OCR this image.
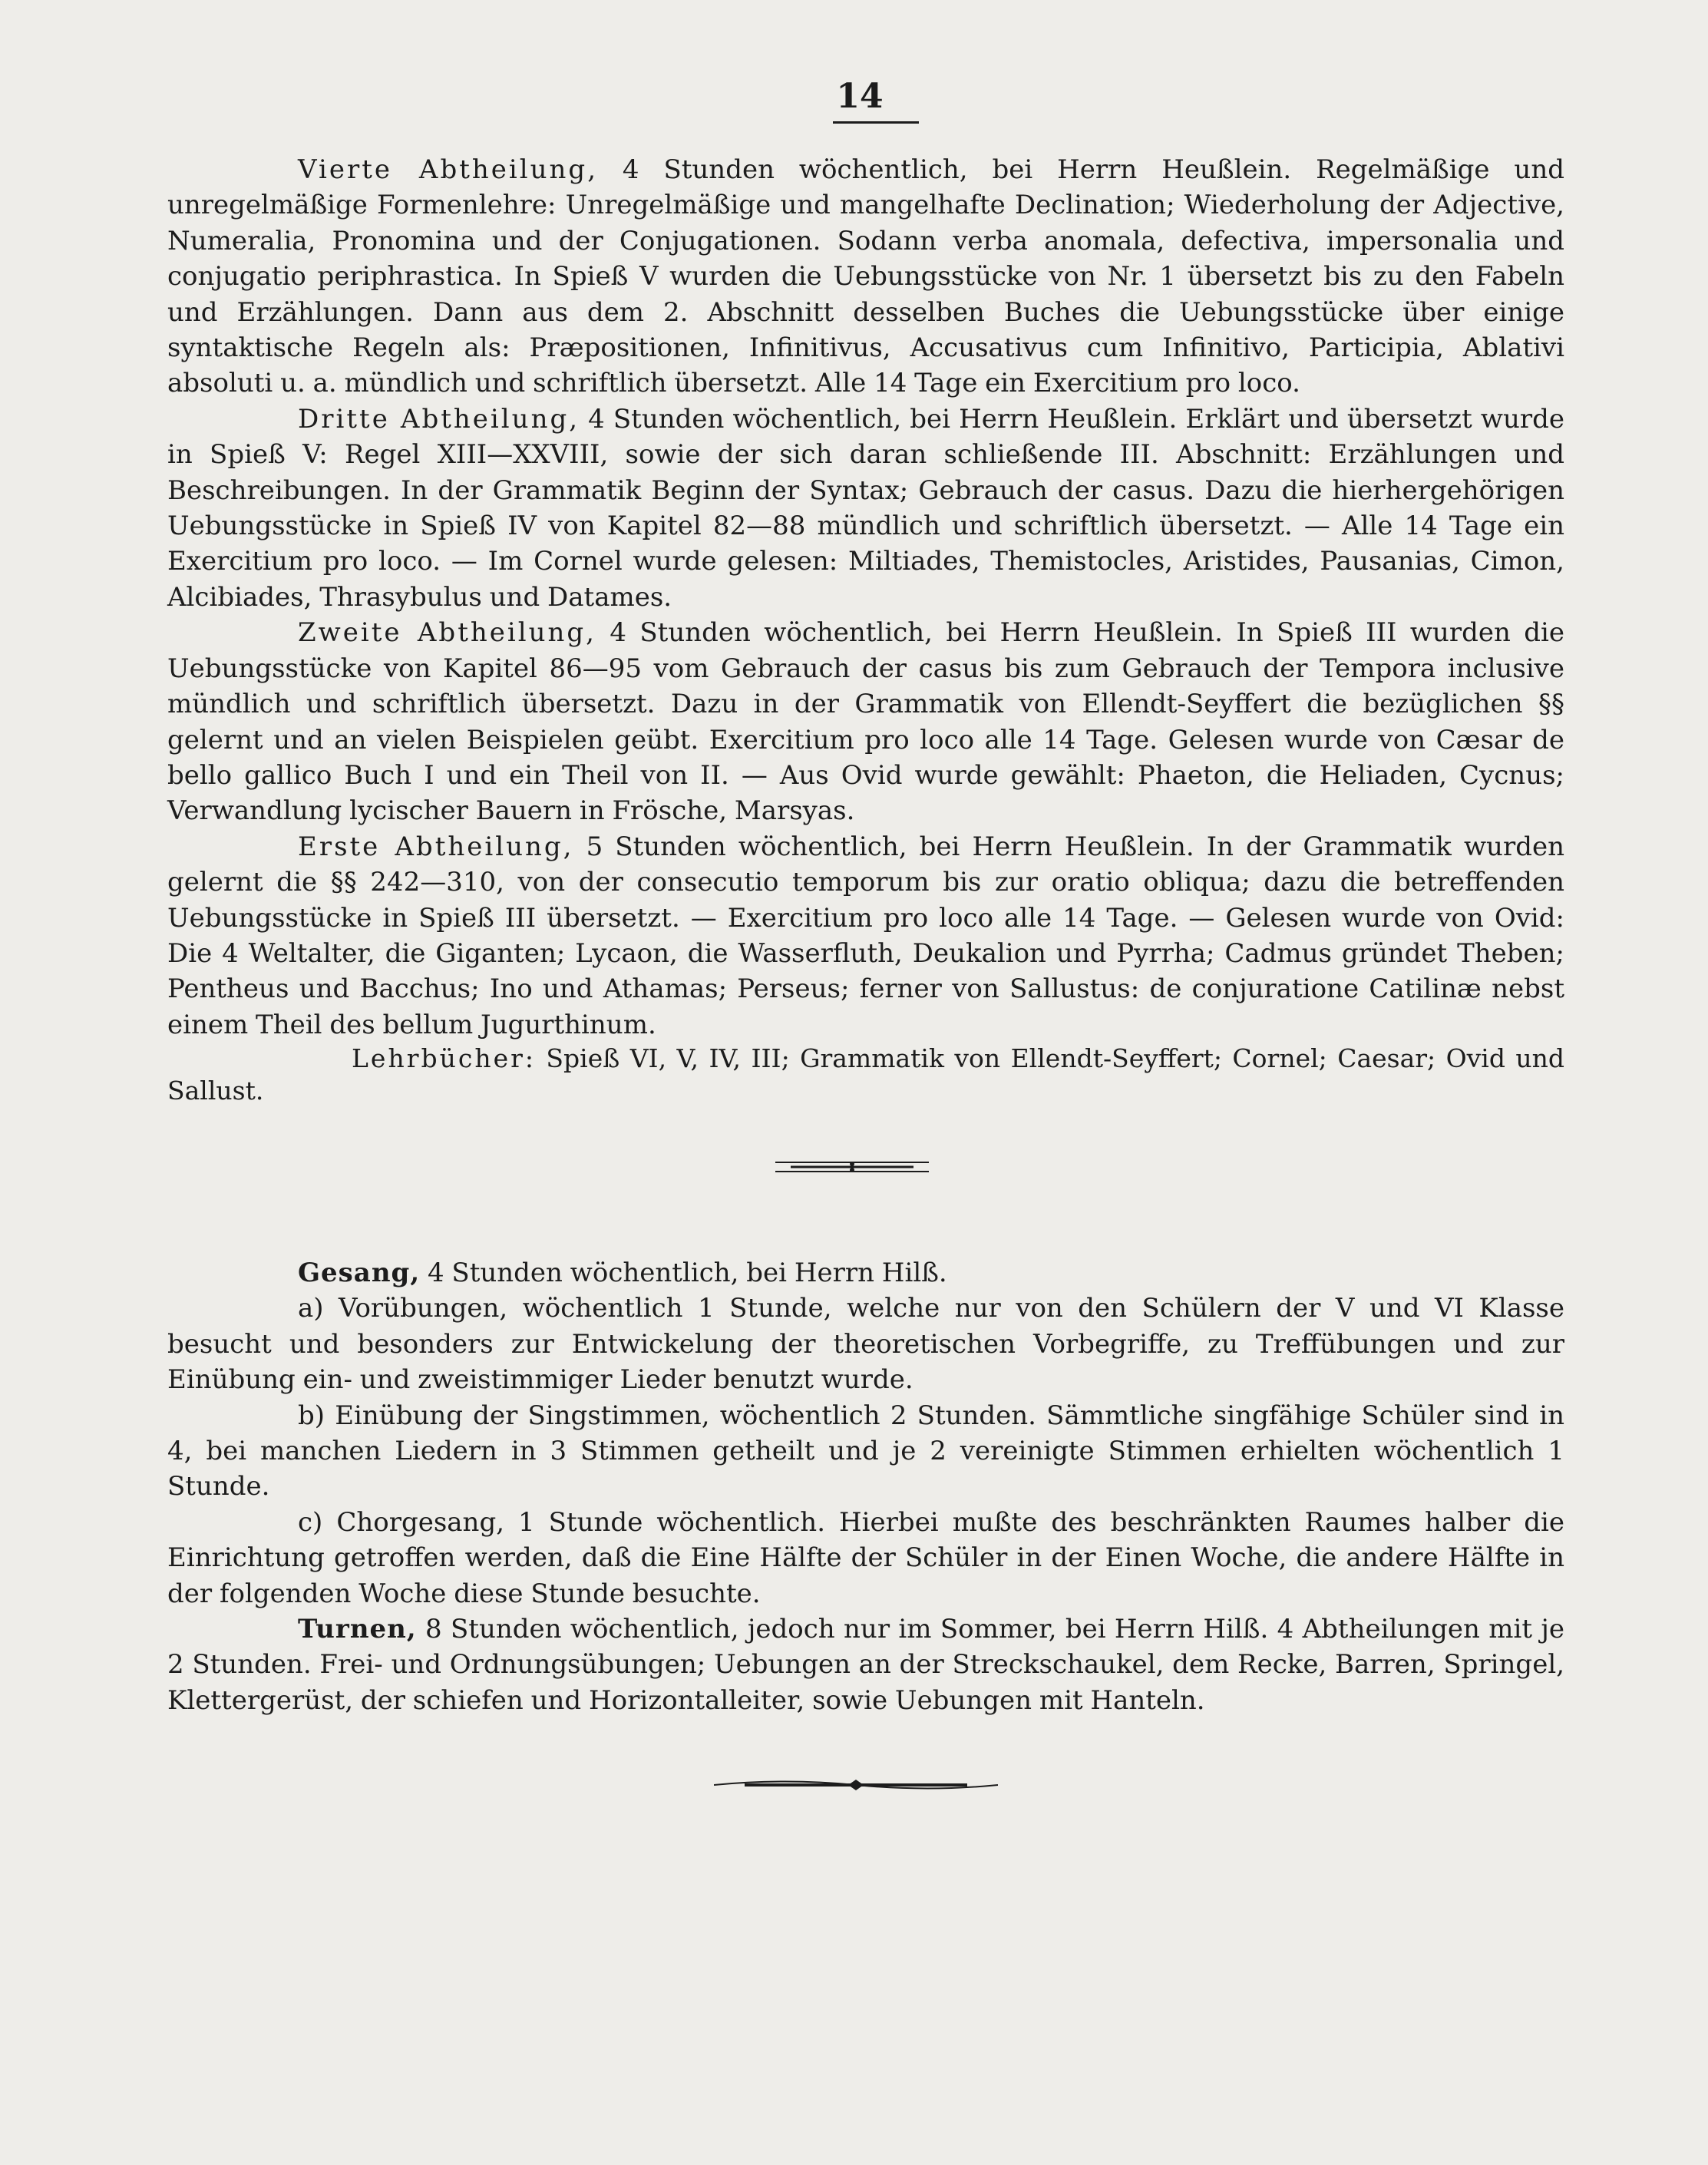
14

Vierte Abtheilung, 4 Stunden wöchentlich, bei Herrn Heußlein. Regelmäßige und unregelmäßige Formenlehre: Unregelmäßige und mangelhafte Declination; Wiederholung der Adjective, Numeralia, Pronomina und der Conjugationen. Sodann verba anomala, defectiva, impersonalia und conjugatio periphrastica. In Spieß V wurden die Uebungsstücke von Nr. 1 übersetzt bis zu den Fabeln und Erzählungen. Dann aus dem 2. Abschnitt desselben Buches die Uebungsstücke über einige syntaktische Regeln als: Præpositionen, Infinitivus, Accusativus cum Infinitivo, Participia, Ablativi absoluti u. a. mündlich und schriftlich übersetzt. Alle 14 Tage ein Exercitium pro loco.

Dritte Abtheilung, 4 Stunden wöchentlich, bei Herrn Heußlein. Erklärt und übersetzt wurde in Spieß V: Regel XIII—XXVIII, sowie der sich daran schließende III. Abschnitt: Erzählungen und Beschreibungen. In der Grammatik Beginn der Syntax; Gebrauch der casus. Dazu die hierhergehörigen Uebungsstücke in Spieß IV von Kapitel 82—88 mündlich und schriftlich übersetzt. — Alle 14 Tage ein Exercitium pro loco. — Im Cornel wurde gelesen: Miltiades, Themistocles, Aristides, Pausanias, Cimon, Alcibiades, Thrasybulus und Datames.

Zweite Abtheilung, 4 Stunden wöchentlich, bei Herrn Heußlein. In Spieß III wurden die Uebungsstücke von Kapitel 86—95 vom Gebrauch der casus bis zum Gebrauch der Tempora inclusive mündlich und schriftlich übersetzt. Dazu in der Grammatik von Ellendt-Seyffert die bezüglichen §§ gelernt und an vielen Beispielen geübt. Exercitium pro loco alle 14 Tage. Gelesen wurde von Cæsar de bello gallico Buch I und ein Theil von II. — Aus Ovid wurde gewählt: Phaeton, die Heliaden, Cycnus; Verwandlung lycischer Bauern in Frösche, Marsyas.

Erste Abtheilung, 5 Stunden wöchentlich, bei Herrn Heußlein. In der Grammatik wurden gelernt die §§ 242—310, von der consecutio temporum bis zur oratio obliqua; dazu die betreffenden Uebungsstücke in Spieß III übersetzt. — Exercitium pro loco alle 14 Tage. — Gelesen wurde von Ovid: Die 4 Weltalter, die Giganten; Lycaon, die Wasserfluth, Deukalion und Pyrrha; Cadmus gründet Theben; Pentheus und Bacchus; Ino und Athamas; Perseus; ferner von Sallustus: de conjuratione Catilinæ nebst einem Theil des bellum Jugurthinum.

Lehrbücher: Spieß VI, V, IV, III; Grammatik von Ellendt-Seyffert; Cornel; Caesar; Ovid und Sallust.

Gesang, 4 Stunden wöchentlich, bei Herrn Hilß.

a) Vorübungen, wöchentlich 1 Stunde, welche nur von den Schülern der V und VI Klasse besucht und besonders zur Entwickelung der theoretischen Vorbegriffe, zu Treffübungen und zur Einübung ein- und zweistimmiger Lieder benutzt wurde.

b) Einübung der Singstimmen, wöchentlich 2 Stunden. Sämmtliche singfähige Schüler sind in 4, bei manchen Liedern in 3 Stimmen getheilt und je 2 vereinigte Stimmen erhielten wöchentlich 1 Stunde.

c) Chorgesang, 1 Stunde wöchentlich. Hierbei mußte des beschränkten Raumes halber die Einrichtung getroffen werden, daß die Eine Hälfte der Schüler in der Einen Woche, die andere Hälfte in der folgenden Woche diese Stunde besuchte.

Turnen, 8 Stunden wöchentlich, jedoch nur im Sommer, bei Herrn Hilß. 4 Abtheilungen mit je 2 Stunden. Frei- und Ordnungsübungen; Uebungen an der Streckschaukel, dem Recke, Barren, Springel, Klettergerüst, der schiefen und Horizontalleiter, sowie Uebungen mit Hanteln.
